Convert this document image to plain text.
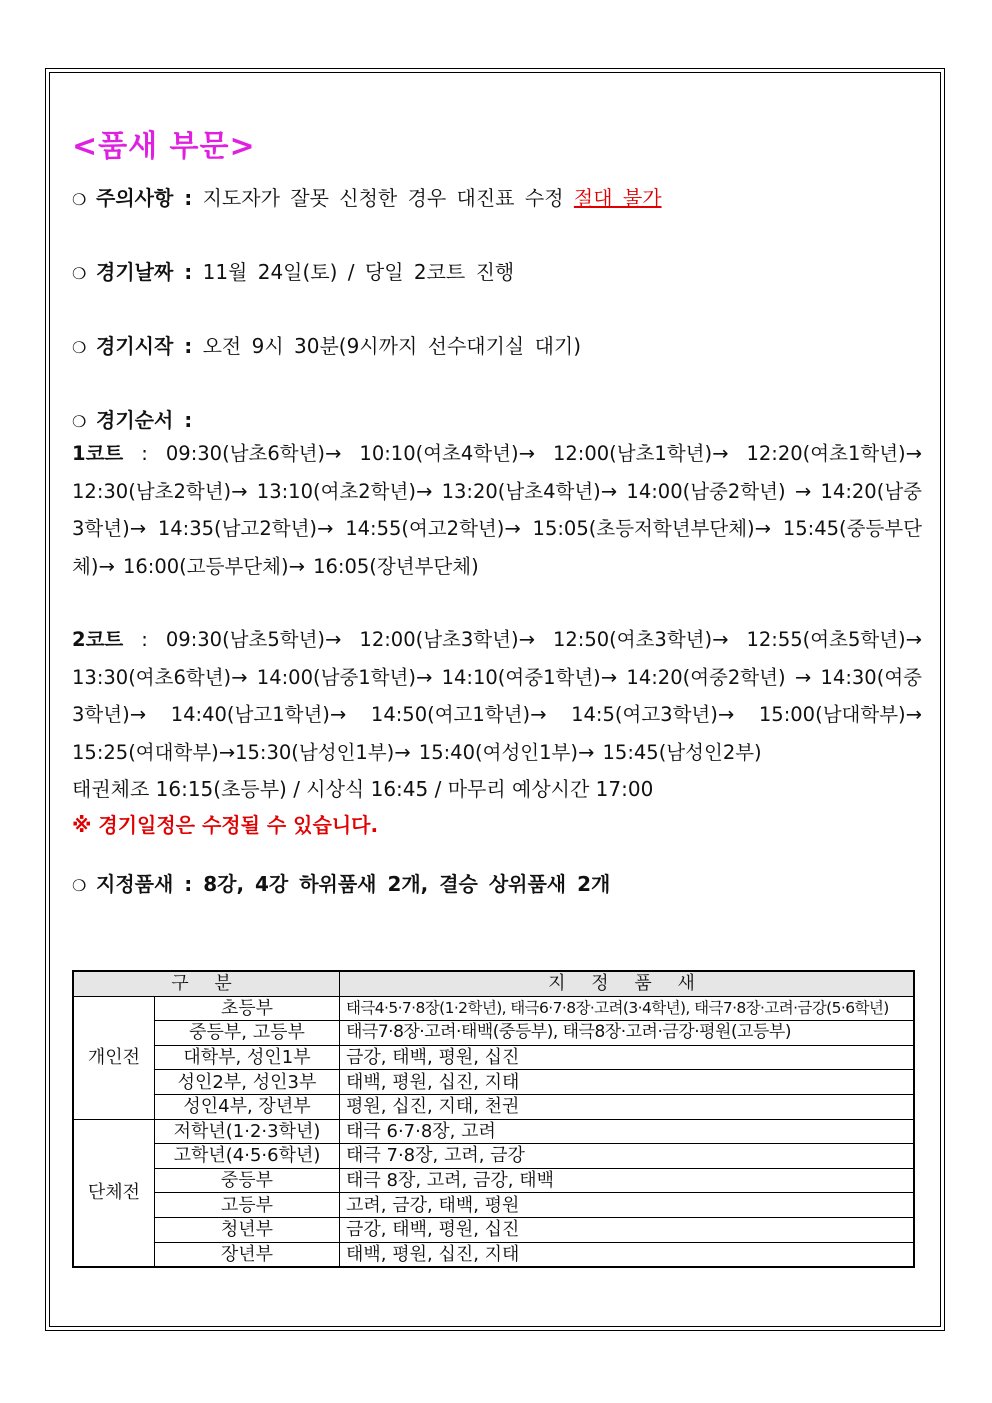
<품새 부문>
❍ 주의사항 : 지도자가 잘못 신청한 경우 대진표 수정 절대 불가
❍ 경기날짜 : 11월 24일(토) / 당일 2코트 진행
❍ 경기시작 : 오전 9시 30분(9시까지 선수대기실 대기)
❍ 경기순서 :
1코트 : 09:30(남초6학년)→ 10:10(여초4학년)→ 12:00(남초1학년)→ 12:20(여초1학년)→ 12:30(남초2학년)→ 13:10(여초2학년)→ 13:20(남초4학년)→ 14:00(남중2학년) → 14:20(남중3학년)→ 14:35(남고2학년)→ 14:55(여고2학년)→ 15:05(초등저학년부단체)→ 15:45(중등부단체)→ 16:00(고등부단체)→ 16:05(장년부단체)
2코트 : 09:30(남초5학년)→ 12:00(남초3학년)→ 12:50(여초3학년)→ 12:55(여초5학년)→ 13:30(여초6학년)→ 14:00(남중1학년)→ 14:10(여중1학년)→ 14:20(여중2학년) → 14:30(여중3학년)→ 14:40(남고1학년)→ 14:50(여고1학년)→ 14:5(여고3학년)→ 15:00(남대학부)→ 15:25(여대학부)→15:30(남성인1부)→ 15:40(여성인1부)→ 15:45(남성인2부)
태권체조 16:15(초등부) / 시상식 16:45 / 마무리 예상시간 17:00
※ 경기일정은 수정될 수 있습니다.
❍ 지정품새 : 8강, 4강 하위품새 2개, 결승 상위품새 2개
구 분		지 정 품 새
개인전	초등부	태극4·5·7·8장(1·2학년), 태극6·7·8장·고려(3·4학년), 태극7·8장·고려·금강(5·6학년)
	중등부, 고등부	태극7·8장·고려·태백(중등부), 태극8장·고려·금강·평원(고등부)
	대학부, 성인1부	금강, 태백, 평원, 십진
	성인2부, 성인3부	태백, 평원, 십진, 지태
	성인4부, 장년부	평원, 십진, 지태, 천권
단체전	저학년(1·2·3학년)	태극 6·7·8장, 고려
	고학년(4·5·6학년)	태극 7·8장, 고려, 금강
	중등부	태극 8장, 고려, 금강, 태백
	고등부	고려, 금강, 태백, 평원
	청년부	금강, 태백, 평원, 십진
	장년부	태백, 평원, 십진, 지태
